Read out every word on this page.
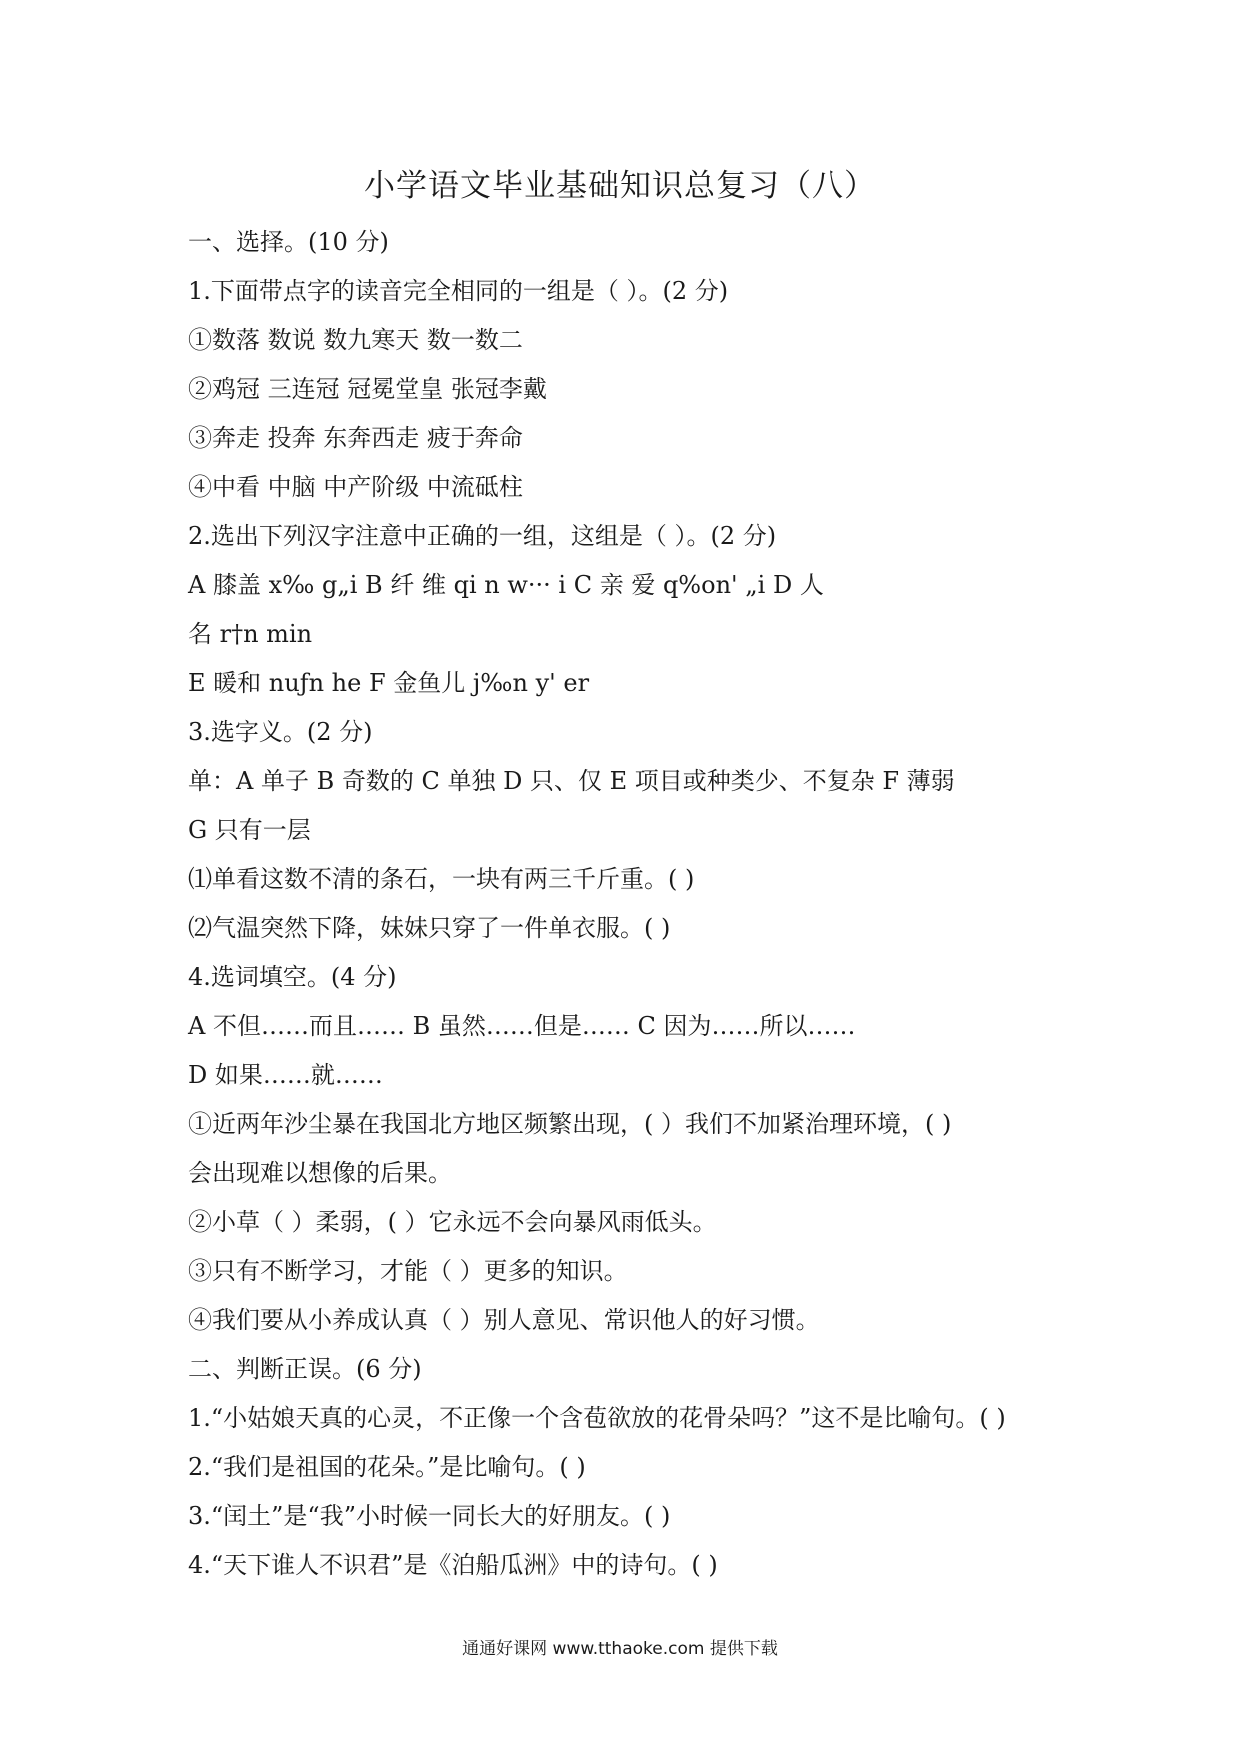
小学语文毕业基础知识总复习（八）
一、选择。(10 分)
1.下面带点字的读音完全相同的一组是（ ）。(2 分)
①数落 数说 数九寒天 数一数二
②鸡冠 三连冠 冠冕堂皇 张冠李戴
③奔走 投奔 东奔西走 疲于奔命
④中看 中脑 中产阶级 中流砥柱
2.选出下列汉字注意中正确的一组，这组是（ ）。(2 分)
A 膝盖 x‰ g„i B 纤 维 qi n w··· i C 亲 爱 q%on' „i D 人
名 r†n min
E 暖和 nuƒn he F 金鱼儿 j‰n y' er
3.选字义。(2 分)
单：A 单子 B 奇数的 C 单独 D 只、仅 E 项目或种类少、不复杂 F 薄弱
G 只有一层
⑴单看这数不清的条石，一块有两三千斤重。( )
⑵气温突然下降，妹妹只穿了一件单衣服。( )
4.选词填空。(4 分)
A 不但……而且…… B 虽然……但是…… C 因为……所以……
D 如果……就……
①近两年沙尘暴在我国北方地区频繁出现，( ）我们不加紧治理环境，( )
会出现难以想像的后果。
②小草（ ）柔弱，( ）它永远不会向暴风雨低头。
③只有不断学习，才能（ ）更多的知识。
④我们要从小养成认真（ ）别人意见、常识他人的好习惯。
二、判断正误。(6 分)
1.“小姑娘天真的心灵，不正像一个含苞欲放的花骨朵吗？”这不是比喻句。( )
2.“我们是祖国的花朵。”是比喻句。( )
3.“闰土”是“我”小时候一同长大的好朋友。( )
4.“天下谁人不识君”是《泊船瓜洲》中的诗句。( )
通通好课网 www.tthaoke.com 提供下载
